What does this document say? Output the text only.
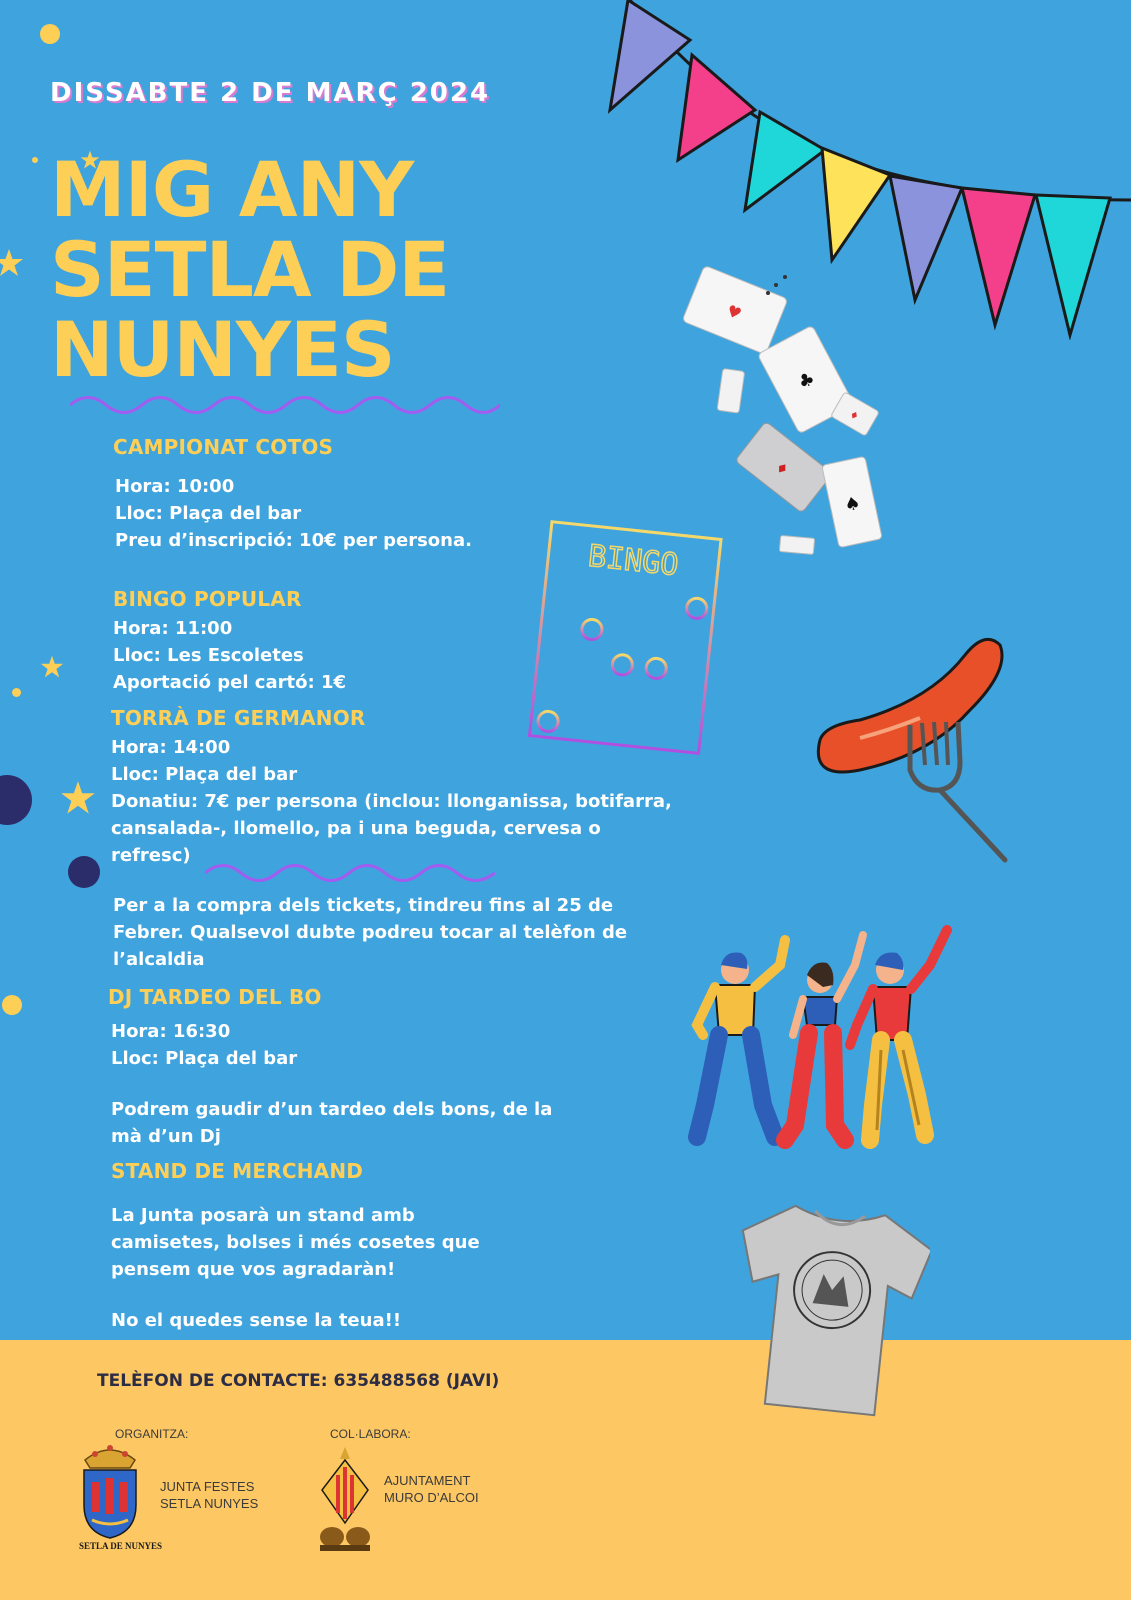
DISSABTE 2 DE MARÇ 2024
MIG ANY
SETLA DE
NUNYES
CAMPIONAT COTOS
Hora: 10:00
Lloc: Plaça del bar
Preu d’inscripció: 10€ per persona.
BINGO POPULAR
Hora: 11:00
Lloc: Les Escoletes
Aportació pel cartó: 1€
TORRÀ DE GERMANOR
Hora: 14:00
Lloc: Plaça del bar
Donatiu: 7€ per persona (inclou: llonganissa, botifarra,
cansalada-, llomello, pa i una beguda, cervesa o
refresc)
Per a la compra dels tickets, tindreu fins al 25 de
Febrer. Qualsevol dubte podreu tocar al telèfon de
l’alcaldia
DJ TARDEO DEL BO
Hora: 16:30
Lloc: Plaça del bar
Podrem gaudir d’un tardeo dels bons, de la
mà d’un Dj
STAND DE MERCHAND
La Junta posarà un stand amb
camisetes, bolses i més cosetes que
pensem que vos agradaràn!
No el quedes sense la teua!!
♥
♣
♦
♦
♠
BINGO
TELÈFON DE CONTACTE: 635488568 (JAVI)
ORGANITZA:	COL·LABORA:
SETLA DE NUNYES
JUNTA FESTES
SETLA NUNYES
AJUNTAMENT
MURO D’ALCOI
